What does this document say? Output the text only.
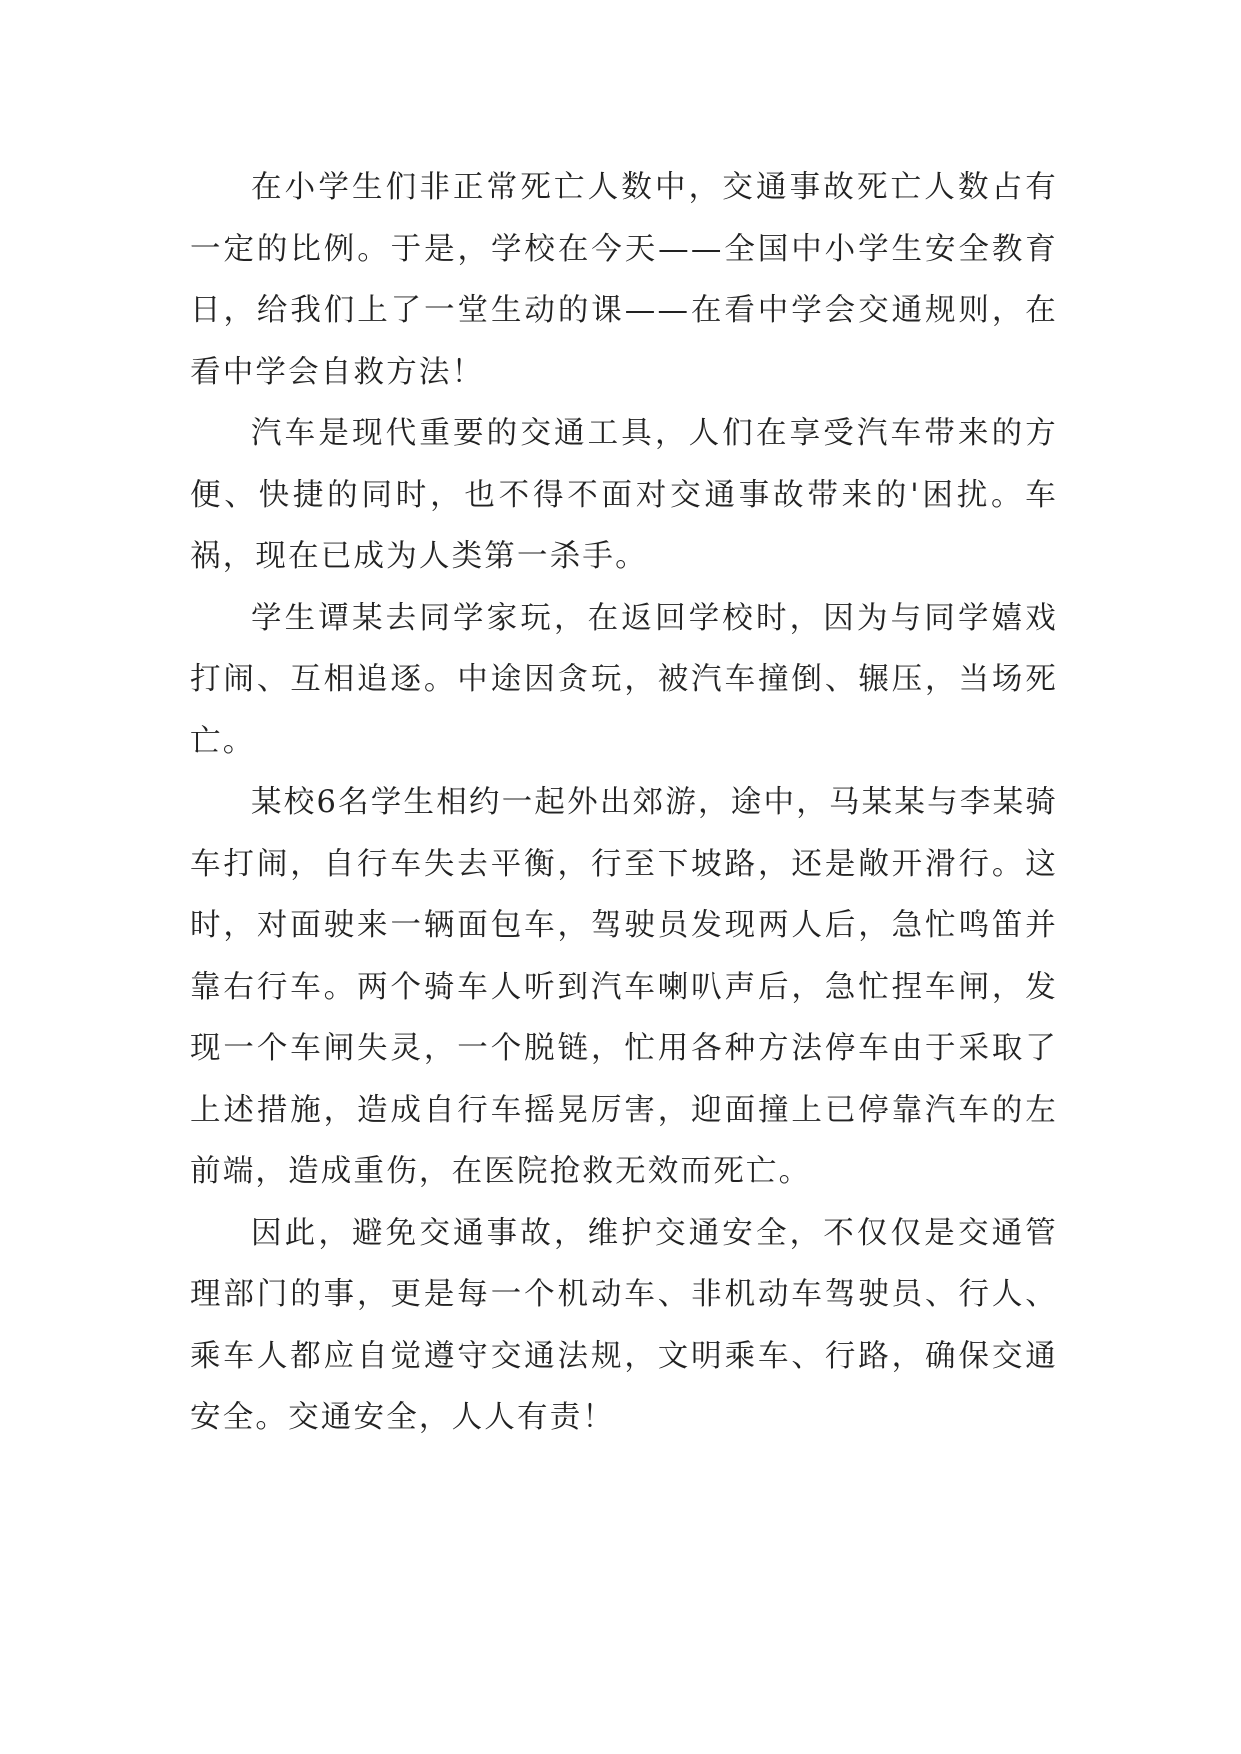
在小学生们非正常死亡人数中，交通事故死亡人数占有一定的比例。于是，学校在今天——全国中小学生安全教育日，给我们上了一堂生动的课——在看中学会交通规则，在看中学会自救方法！

汽车是现代重要的交通工具，人们在享受汽车带来的方便、快捷的同时，也不得不面对交通事故带来的'困扰。车祸，现在已成为人类第一杀手。

学生谭某去同学家玩，在返回学校时，因为与同学嬉戏打闹、互相追逐。中途因贪玩，被汽车撞倒、辗压，当场死亡。

某校6名学生相约一起外出郊游，途中，马某某与李某骑车打闹，自行车失去平衡，行至下坡路，还是敞开滑行。这时，对面驶来一辆面包车，驾驶员发现两人后，急忙鸣笛并靠右行车。两个骑车人听到汽车喇叭声后，急忙捏车闸，发现一个车闸失灵，一个脱链，忙用各种方法停车由于采取了上述措施，造成自行车摇晃厉害，迎面撞上已停靠汽车的左前端，造成重伤，在医院抢救无效而死亡。

因此，避免交通事故，维护交通安全，不仅仅是交通管理部门的事，更是每一个机动车、非机动车驾驶员、行人、乘车人都应自觉遵守交通法规，文明乘车、行路，确保交通安全。交通安全，人人有责！
